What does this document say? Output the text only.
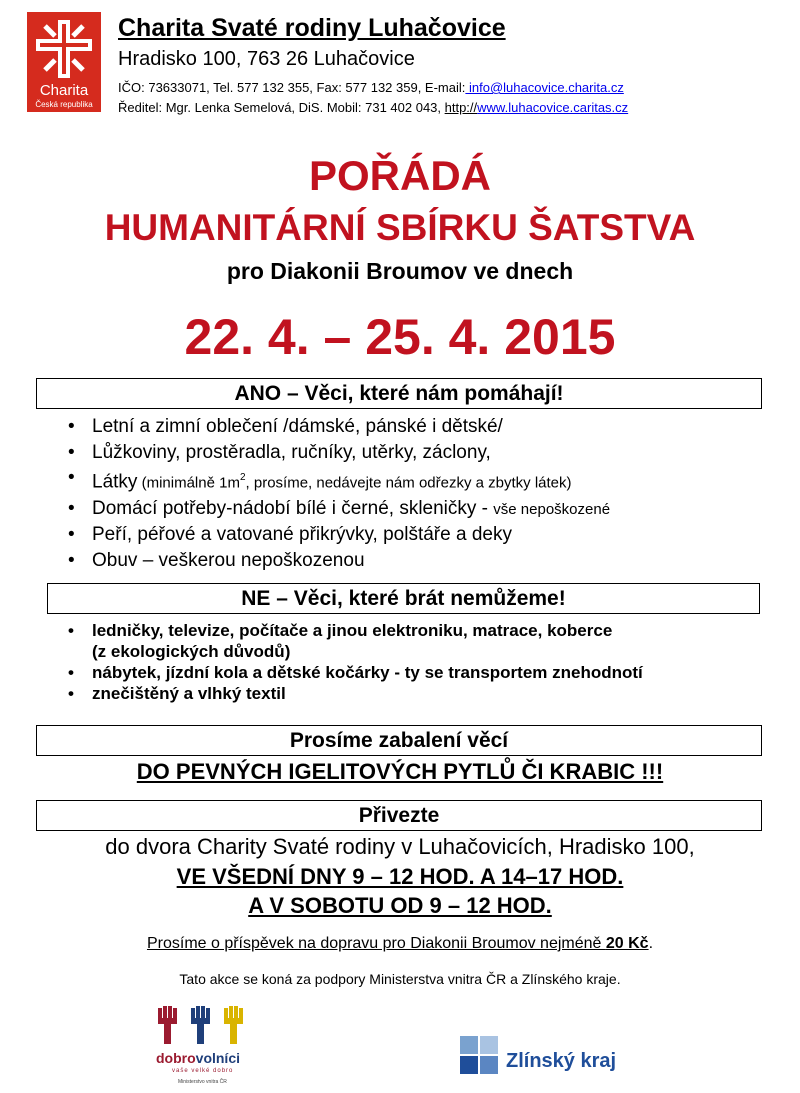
Charita
Česká republika
Charita Svaté rodiny Luhačovice
Hradisko 100, 763 26 Luhačovice
IČO: 73633071, Tel. 577 132 355, Fax: 577 132 359, E-mail: info@luhacovice.charita.cz
Ředitel: Mgr. Lenka Semelová, DiS. Mobil: 731 402 043, http://www.luhacovice.caritas.cz
POŘÁDÁ
HUMANITÁRNÍ SBÍRKU ŠATSTVA
pro Diakonii Broumov ve dnech
22. 4. – 25. 4. 2015
ANO – Věci, které nám pomáhají!
• Letní a zimní oblečení /dámské, pánské i dětské/
• Lůžkoviny, prostěradla, ručníky, utěrky, záclony,
• Látky (minimálně $1m^2$, prosíme, nedávejte nám odřezky a zbytky látek)
• Domácí potřeby-nádobí bílé i černé, skleničky - vše nepoškozené
• Peří, péřové a vatované přikrývky, polštáře a deky
• Obuv – veškerou nepoškozenou
NE – Věci, které brát nemůžeme!
• ledničky, televize, počítače a jinou elektroniku, matrace, koberce
(z ekologických důvodů)
• nábytek, jízdní kola a dětské kočárky - ty se transportem znehodnotí
• znečištěný a vlhký textil
Prosíme zabalení věcí
DO PEVNÝCH IGELITOVÝCH PYTLŮ ČI KRABIC !!!
Přivezte
do dvora Charity Svaté rodiny v Luhačovicích, Hradisko 100,
VE VŠEDNÍ DNY 9 – 12 HOD. A 14–17 HOD.
A V SOBOTU OD 9 – 12 HOD.
Prosíme o příspěvek na dopravu pro Diakonii Broumov nejméně 20 Kč.
Tato akce se koná za podpory Ministerstva vnitra ČR a Zlínského kraje.
dobrovolníci
vaše velké dobro
Ministerstvo vnitra ČR
Zlínský kraj
